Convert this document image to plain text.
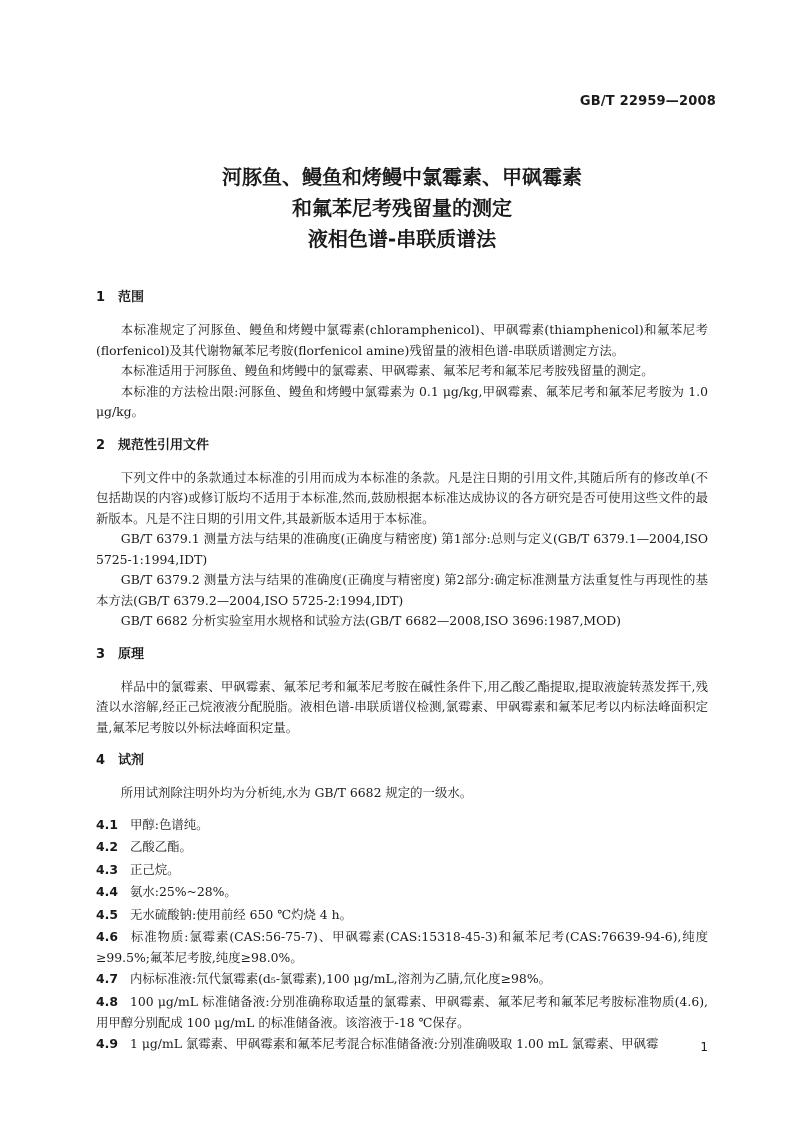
GB/T 22959—2008
河豚鱼、鳗鱼和烤鳗中氯霉素、甲砜霉素
和氟苯尼考残留量的测定
液相色谱-串联质谱法
1 范围

本标准规定了河豚鱼、鳗鱼和烤鳗中氯霉素(chloramphenicol)、甲砜霉素(thiamphenicol)和氟苯尼考(florfenicol)及其代谢物氟苯尼考胺(florfenicol amine)残留量的液相色谱-串联质谱测定方法。

本标准适用于河豚鱼、鳗鱼和烤鳗中的氯霉素、甲砜霉素、氟苯尼考和氟苯尼考胺残留量的测定。

本标准的方法检出限:河豚鱼、鳗鱼和烤鳗中氯霉素为 0.1 μg/kg,甲砜霉素、氟苯尼考和氟苯尼考胺为 1.0 μg/kg。

2 规范性引用文件

下列文件中的条款通过本标准的引用而成为本标准的条款。凡是注日期的引用文件,其随后所有的修改单(不包括勘误的内容)或修订版均不适用于本标准,然而,鼓励根据本标准达成协议的各方研究是否可使用这些文件的最新版本。凡是不注日期的引用文件,其最新版本适用于本标准。

GB/T 6379.1 测量方法与结果的准确度(正确度与精密度) 第1部分:总则与定义(GB/T 6379.1—2004,ISO 5725-1:1994,IDT)

GB/T 6379.2 测量方法与结果的准确度(正确度与精密度) 第2部分:确定标准测量方法重复性与再现性的基本方法(GB/T 6379.2—2004,ISO 5725-2:1994,IDT)

GB/T 6682 分析实验室用水规格和试验方法(GB/T 6682—2008,ISO 3696:1987,MOD)

3 原理

样品中的氯霉素、甲砜霉素、氟苯尼考和氟苯尼考胺在碱性条件下,用乙酸乙酯提取,提取液旋转蒸发挥干,残渣以水溶解,经正己烷液液分配脱脂。液相色谱-串联质谱仪检测,氯霉素、甲砜霉素和氟苯尼考以内标法峰面积定量,氟苯尼考胺以外标法峰面积定量。

4 试剂

所用试剂除注明外均为分析纯,水为 GB/T 6682 规定的一级水。

4.1 甲醇:色谱纯。

4.2 乙酸乙酯。

4.3 正己烷。

4.4 氨水:25%~28%。

4.5 无水硫酸钠:使用前经 650 ℃灼烧 4 h。

4.6 标准物质:氯霉素(CAS:56-75-7)、甲砜霉素(CAS:15318-45-3)和氟苯尼考(CAS:76639-94-6),纯度≥99.5%;氟苯尼考胺,纯度≥98.0%。

4.7 内标标准液:氘代氯霉素(d₅-氯霉素),100 μg/mL,溶剂为乙腈,氘化度≥98%。

4.8 100 μg/mL 标准储备液:分别准确称取适量的氯霉素、甲砜霉素、氟苯尼考和氟苯尼考胺标准物质(4.6),用甲醇分别配成 100 μg/mL 的标准储备液。该溶液于-18 ℃保存。

4.9 1 μg/mL 氯霉素、甲砜霉素和氟苯尼考混合标准储备液:分别准确吸取 1.00 mL 氯霉素、甲砜霉	1
